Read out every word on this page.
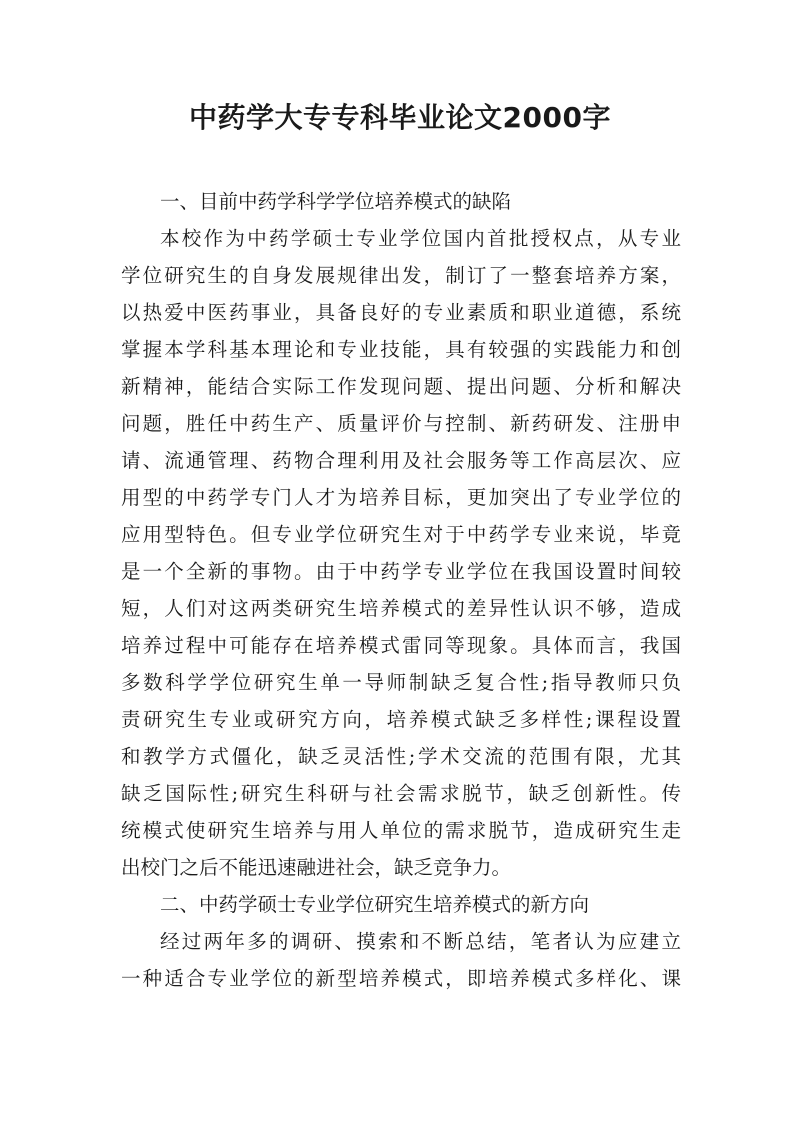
中药学大专专科毕业论文2000字
一、目前中药学科学学位培养模式的缺陷
本校作为中药学硕士专业学位国内首批授权点，从专业
学位研究生的自身发展规律出发，制订了一整套培养方案，
以热爱中医药事业，具备良好的专业素质和职业道德，系统
掌握本学科基本理论和专业技能，具有较强的实践能力和创
新精神，能结合实际工作发现问题、提出问题、分析和解决
问题，胜任中药生产、质量评价与控制、新药研发、注册申
请、流通管理、药物合理利用及社会服务等工作高层次、应
用型的中药学专门人才为培养目标，更加突出了专业学位的
应用型特色。但专业学位研究生对于中药学专业来说，毕竟
是一个全新的事物。由于中药学专业学位在我国设置时间较
短，人们对这两类研究生培养模式的差异性认识不够，造成
培养过程中可能存在培养模式雷同等现象。具体而言，我国
多数科学学位研究生单一导师制缺乏复合性;指导教师只负
责研究生专业或研究方向，培养模式缺乏多样性;课程设置
和教学方式僵化，缺乏灵活性;学术交流的范围有限，尤其
缺乏国际性;研究生科研与社会需求脱节，缺乏创新性。传
统模式使研究生培养与用人单位的需求脱节，造成研究生走
出校门之后不能迅速融进社会，缺乏竞争力。
二、中药学硕士专业学位研究生培养模式的新方向
经过两年多的调研、摸索和不断总结，笔者认为应建立
一种适合专业学位的新型培养模式，即培养模式多样化、课
